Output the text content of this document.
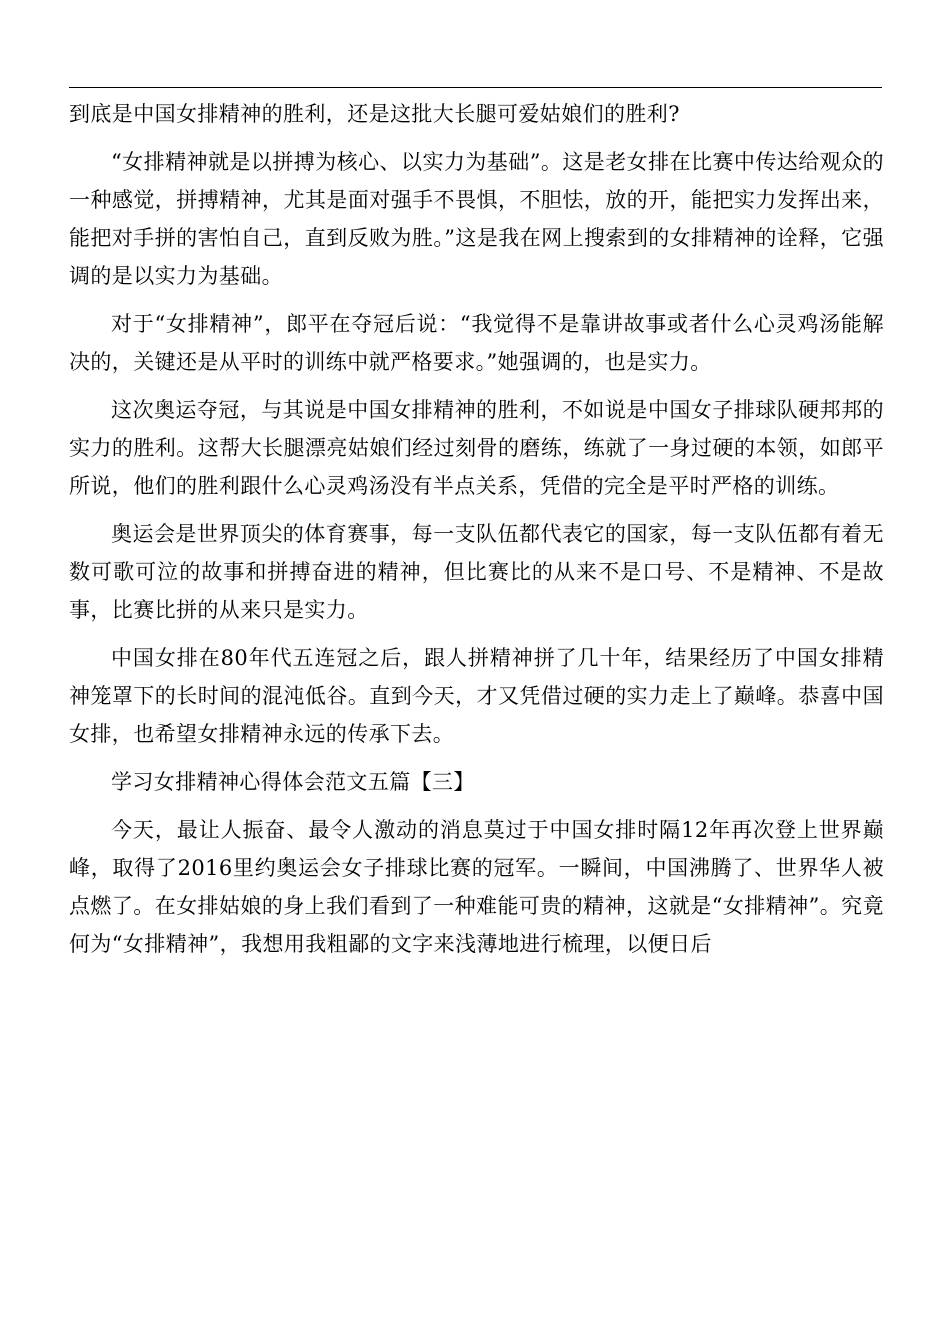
到底是中国女排精神的胜利，还是这批大长腿可爱姑娘们的胜利?

“女排精神就是以拼搏为核心、以实力为基础”。这是老女排在比赛中传达给观众的一种感觉，拼搏精神，尤其是面对强手不畏惧，不胆怯，放的开，能把实力发挥出来，能把对手拼的害怕自己，直到反败为胜。”这是我在网上搜索到的女排精神的诠释，它强调的是以实力为基础。

对于“女排精神”，郎平在夺冠后说：“我觉得不是靠讲故事或者什么心灵鸡汤能解决的，关键还是从平时的训练中就严格要求。”她强调的，也是实力。

这次奥运夺冠，与其说是中国女排精神的胜利，不如说是中国女子排球队硬邦邦的实力的胜利。这帮大长腿漂亮姑娘们经过刻骨的磨练，练就了一身过硬的本领，如郎平所说，他们的胜利跟什么心灵鸡汤没有半点关系，凭借的完全是平时严格的训练。

奥运会是世界顶尖的体育赛事，每一支队伍都代表它的国家，每一支队伍都有着无数可歌可泣的故事和拼搏奋进的精神，但比赛比的从来不是口号、不是精神、不是故事，比赛比拼的从来只是实力。

中国女排在80年代五连冠之后，跟人拼精神拼了几十年，结果经历了中国女排精神笼罩下的长时间的混沌低谷。直到今天，才又凭借过硬的实力走上了巅峰。恭喜中国女排，也希望女排精神永远的传承下去。

学习女排精神心得体会范文五篇【三】

今天，最让人振奋、最令人激动的消息莫过于中国女排时隔12年再次登上世界巅峰，取得了2016里约奥运会女子排球比赛的冠军。一瞬间，中国沸腾了、世界华人被点燃了。在女排姑娘的身上我们看到了一种难能可贵的精神，这就是“女排精神”。究竟何为“女排精神”，我想用我粗鄙的文字来浅薄地进行梳理，以便日后
